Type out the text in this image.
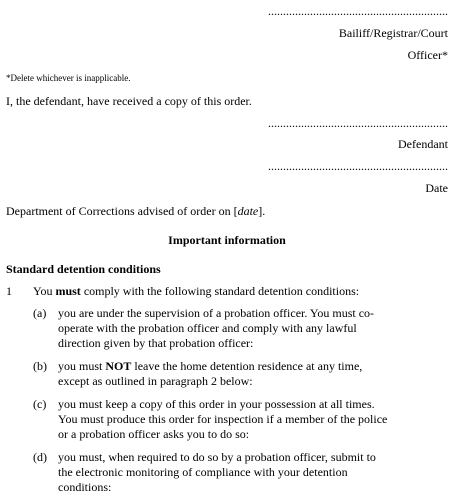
............................................................
Bailiff/Registrar/Court
Officer*
*Delete whichever is inapplicable.
I, the defendant, have received a copy of this order.
............................................................
Defendant
............................................................
Date
Department of Corrections advised of order on [date].
Important information
Standard detention conditions
1 You must comply with the following standard detention conditions:
(a) you are under the supervision of a probation officer. You must co-
operate with the probation officer and comply with any lawful
direction given by that probation officer:
(b) you must NOT leave the home detention residence at any time,
except as outlined in paragraph 2 below:
(c) you must keep a copy of this order in your possession at all times.
You must produce this order for inspection if a member of the police
or a probation officer asks you to do so:
(d) you must, when required to do so by a probation officer, submit to
the electronic monitoring of compliance with your detention
conditions:
